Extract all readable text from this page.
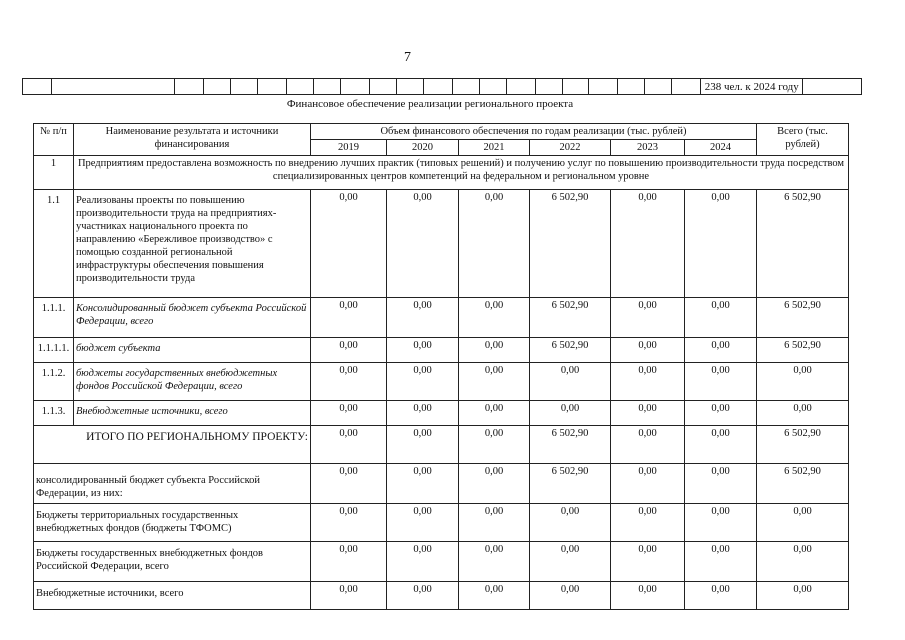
7
238 чел. к 2024 году
Финансовое обеспечение реализации регионального проекта
№ п/п	Наименование результата и источники финансирования	Объем финансового обеспечения по годам реализации (тыс. рублей)						Всего (тыс. рублей)
		2019	2020	2021	2022	2023	2024	
1	Предприятиям предоставлена возможность по внедрению лучших практик (типовых решений) и получению услуг по повышению производительности труда посредством специализированных центров компетенций на федеральном и региональном уровне							
1.1	Реализованы проекты по повышению производительности труда на предприятиях-участниках национального проекта по направлению «Бережливое производство» с помощью созданной региональной инфраструктуры обеспечения повышения производительности труда	0,00	0,00	0,00	6 502,90	0,00	0,00	6 502,90
1.1.1.	Консолидированный бюджет субъекта Российской Федерации, всего	0,00	0,00	0,00	6 502,90	0,00	0,00	6 502,90
1.1.1.1.	бюджет субъекта	0,00	0,00	0,00	6 502,90	0,00	0,00	6 502,90
1.1.2.	бюджеты государственных внебюджетных фондов Российской Федерации, всего	0,00	0,00	0,00	0,00	0,00	0,00	0,00
1.1.3.	Внебюджетные источники, всего	0,00	0,00	0,00	0,00	0,00	0,00	0,00
ИТОГО ПО РЕГИОНАЛЬНОМУ ПРОЕКТУ:		0,00	0,00	0,00	6 502,90	0,00	0,00	6 502,90
консолидированный бюджет субъекта Российской Федерации, из них:		0,00	0,00	0,00	6 502,90	0,00	0,00	6 502,90
Бюджеты территориальных государственных внебюджетных фондов (бюджеты ТФОМС)		0,00	0,00	0,00	0,00	0,00	0,00	0,00
Бюджеты государственных внебюджетных фондов Российской Федерации, всего		0,00	0,00	0,00	0,00	0,00	0,00	0,00
Внебюджетные источники, всего		0,00	0,00	0,00	0,00	0,00	0,00	0,00
